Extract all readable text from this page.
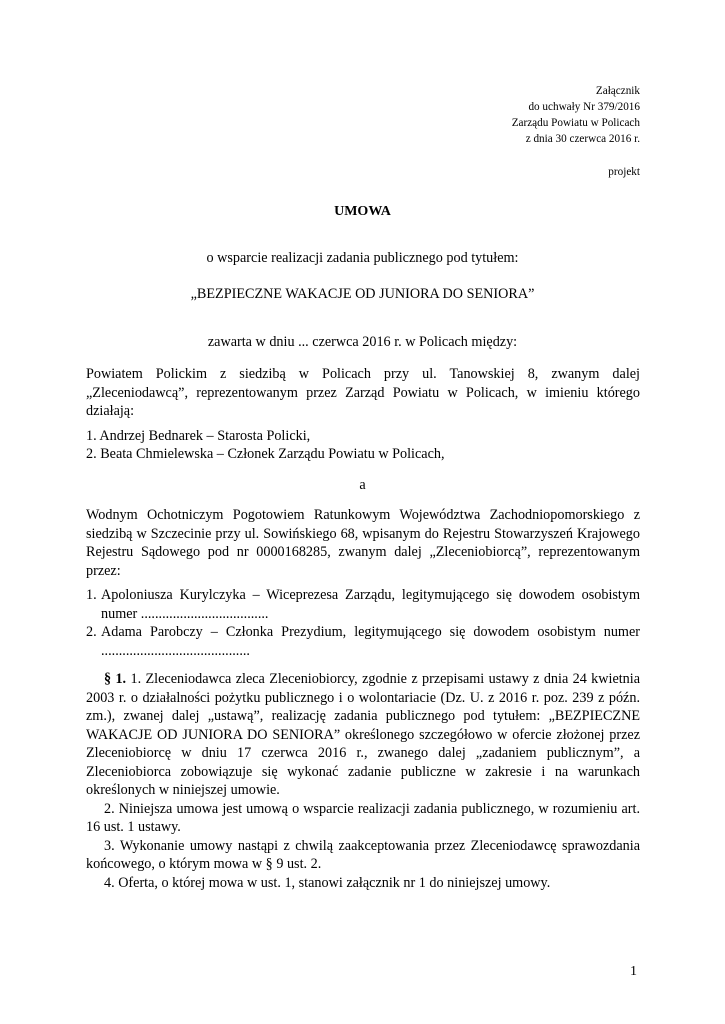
Załącznik
do uchwały Nr 379/2016
Zarządu Powiatu w Policach
z dnia 30 czerwca 2016 r.
projekt
UMOWA
o wsparcie realizacji zadania publicznego pod tytułem:
„BEZPIECZNE WAKACJE OD JUNIORA DO SENIORA”
zawarta w dniu ... czerwca 2016 r. w Policach między:

Powiatem Polickim z siedzibą w Policach przy ul. Tanowskiej 8, zwanym dalej „Zleceniodawcą”, reprezentowanym przez Zarząd Powiatu w Policach, w imieniu którego działają:

1. Andrzej Bednarek – Starosta Policki,

2. Beata Chmielewska – Członek Zarządu Powiatu w Policach,

a

Wodnym Ochotniczym Pogotowiem Ratunkowym Województwa Zachodniopomorskiego z siedzibą w Szczecinie przy ul. Sowińskiego 68, wpisanym do Rejestru Stowarzyszeń Krajowego Rejestru Sądowego pod nr 0000168285, zwanym dalej „Zleceniobiorcą”, reprezentowanym przez:

1. Apoloniusza Kurylczyka – Wiceprezesa Zarządu, legitymującego się dowodem osobistym numer ....................................
2. Adama Parobczy – Członka Prezydium, legitymującego się dowodem osobistym numer ..........................................

§ 1. 1. Zleceniodawca zleca Zleceniobiorcy, zgodnie z przepisami ustawy z dnia 24 kwietnia 2003 r. o działalności pożytku publicznego i o wolontariacie (Dz. U. z 2016 r. poz. 239 z późn. zm.), zwanej dalej „ustawą”, realizację zadania publicznego pod tytułem: „BEZPIECZNE WAKACJE OD JUNIORA DO SENIORA” określonego szczegółowo w ofercie złożonej przez Zleceniobiorcę w dniu 17 czerwca 2016 r., zwanego dalej „zadaniem publicznym”, a Zleceniobiorca zobowiązuje się wykonać zadanie publiczne w zakresie i na warunkach określonych w niniejszej umowie.

2. Niniejsza umowa jest umową o wsparcie realizacji zadania publicznego, w rozumieniu art. 16 ust. 1 ustawy.

3. Wykonanie umowy nastąpi z chwilą zaakceptowania przez Zleceniodawcę sprawozdania końcowego, o którym mowa w § 9 ust. 2.

4. Oferta, o której mowa w ust. 1, stanowi załącznik nr 1 do niniejszej umowy.

1
